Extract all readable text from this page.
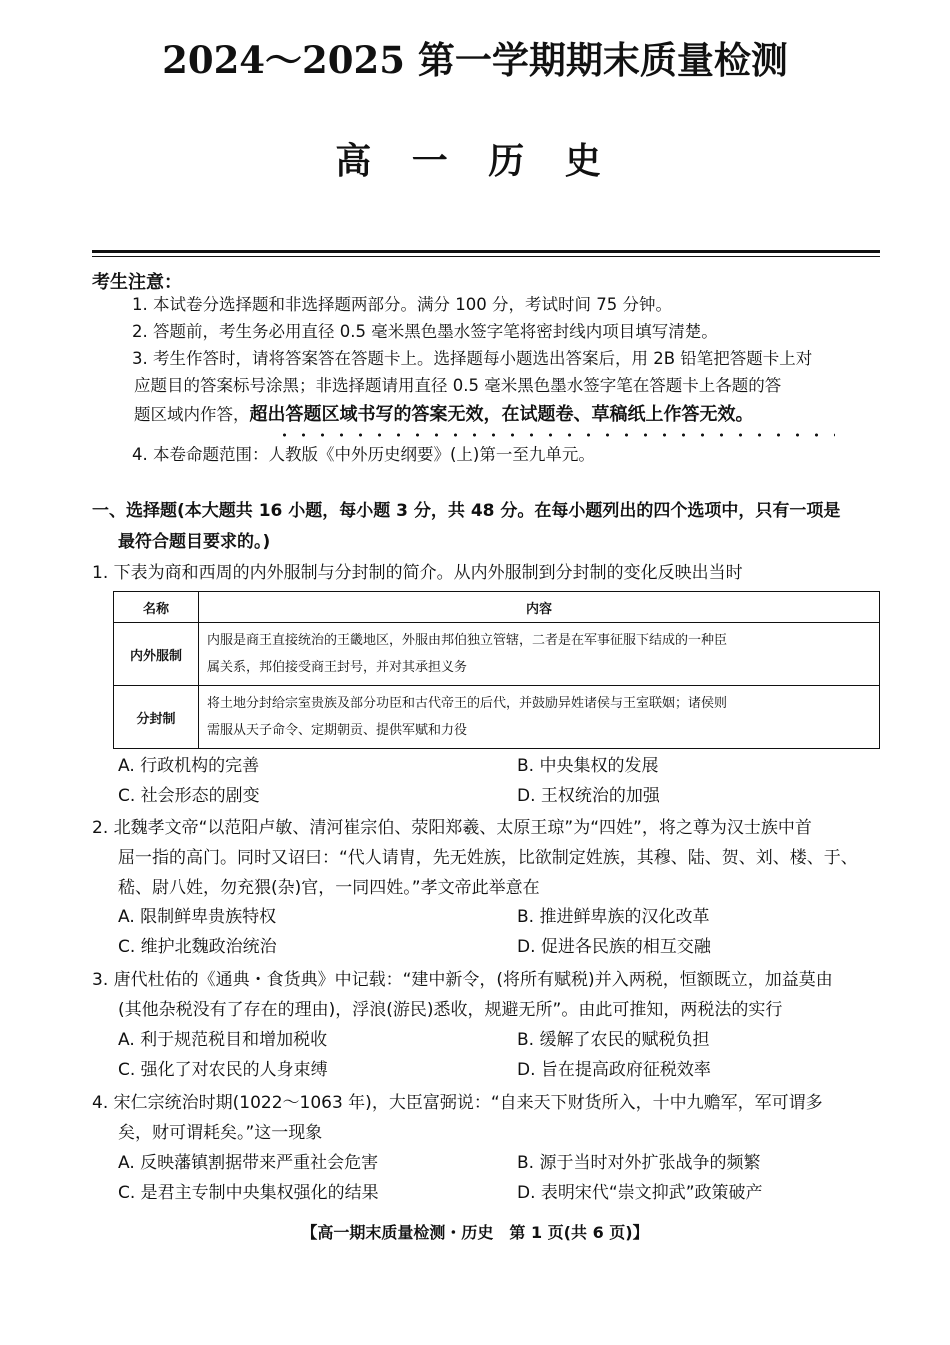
2024～2025 第一学期期末质量检测
高 一 历 史
考生注意：
1. 本试卷分选择题和非选择题两部分。满分 100 分，考试时间 75 分钟。
2. 答题前，考生务必用直径 0.5 毫米黑色墨水签字笔将密封线内项目填写清楚。
3. 考生作答时，请将答案答在答题卡上。选择题每小题选出答案后，用 2B 铅笔把答题卡上对
应题目的答案标号涂黑；非选择题请用直径 0.5 毫米黑色墨水签字笔在答题卡上各题的答
题区域内作答，超出答题区域书写的答案无效，在试题卷、草稿纸上作答无效。
4. 本卷命题范围：人教版《中外历史纲要》(上)第一至九单元。
一、选择题(本大题共 16 小题，每小题 3 分，共 48 分。在每小题列出的四个选项中，只有一项是
最符合题目要求的。)
1. 下表为商和西周的内外服制与分封制的简介。从内外服制到分封制的变化反映出当时
名称	内容
内外服制	内服是商王直接统治的王畿地区，外服由邦伯独立管辖，二者是在军事征服下结成的一种臣
属关系，邦伯接受商王封号，并对其承担义务

分封制	将土地分封给宗室贵族及部分功臣和古代帝王的后代，并鼓励异姓诸侯与王室联姻；诸侯则
需服从天子命令、定期朝贡、提供军赋和力役
A. 行政机构的完善	B. 中央集权的发展
C. 社会形态的剧变	D. 王权统治的加强
2. 北魏孝文帝“以范阳卢敏、清河崔宗伯、荥阳郑羲、太原王琼”为“四姓”，将之尊为汉士族中首
屈一指的高门。同时又诏曰：“代人请胄，先无姓族，比欲制定姓族，其穆、陆、贺、刘、楼、于、
嵇、尉八姓，勿充猥(杂)官，一同四姓。”孝文帝此举意在
A. 限制鲜卑贵族特权	B. 推进鲜卑族的汉化改革
C. 维护北魏政治统治	D. 促进各民族的相互交融
3. 唐代杜佑的《通典・食货典》中记载：“建中新令，(将所有赋税)并入两税，恒额既立，加益莫由
(其他杂税没有了存在的理由)，浮浪(游民)悉收，规避无所”。由此可推知，两税法的实行
A. 利于规范税目和增加税收	B. 缓解了农民的赋税负担
C. 强化了对农民的人身束缚	D. 旨在提高政府征税效率
4. 宋仁宗统治时期(1022～1063 年)，大臣富弼说：“自来天下财货所入，十中九赡军，军可谓多
矣，财可谓耗矣。”这一现象
A. 反映藩镇割据带来严重社会危害	B. 源于当时对外扩张战争的频繁
C. 是君主专制中央集权强化的结果	D. 表明宋代“崇文抑武”政策破产
【高一期末质量检测・历史　第 1 页(共 6 页)】
